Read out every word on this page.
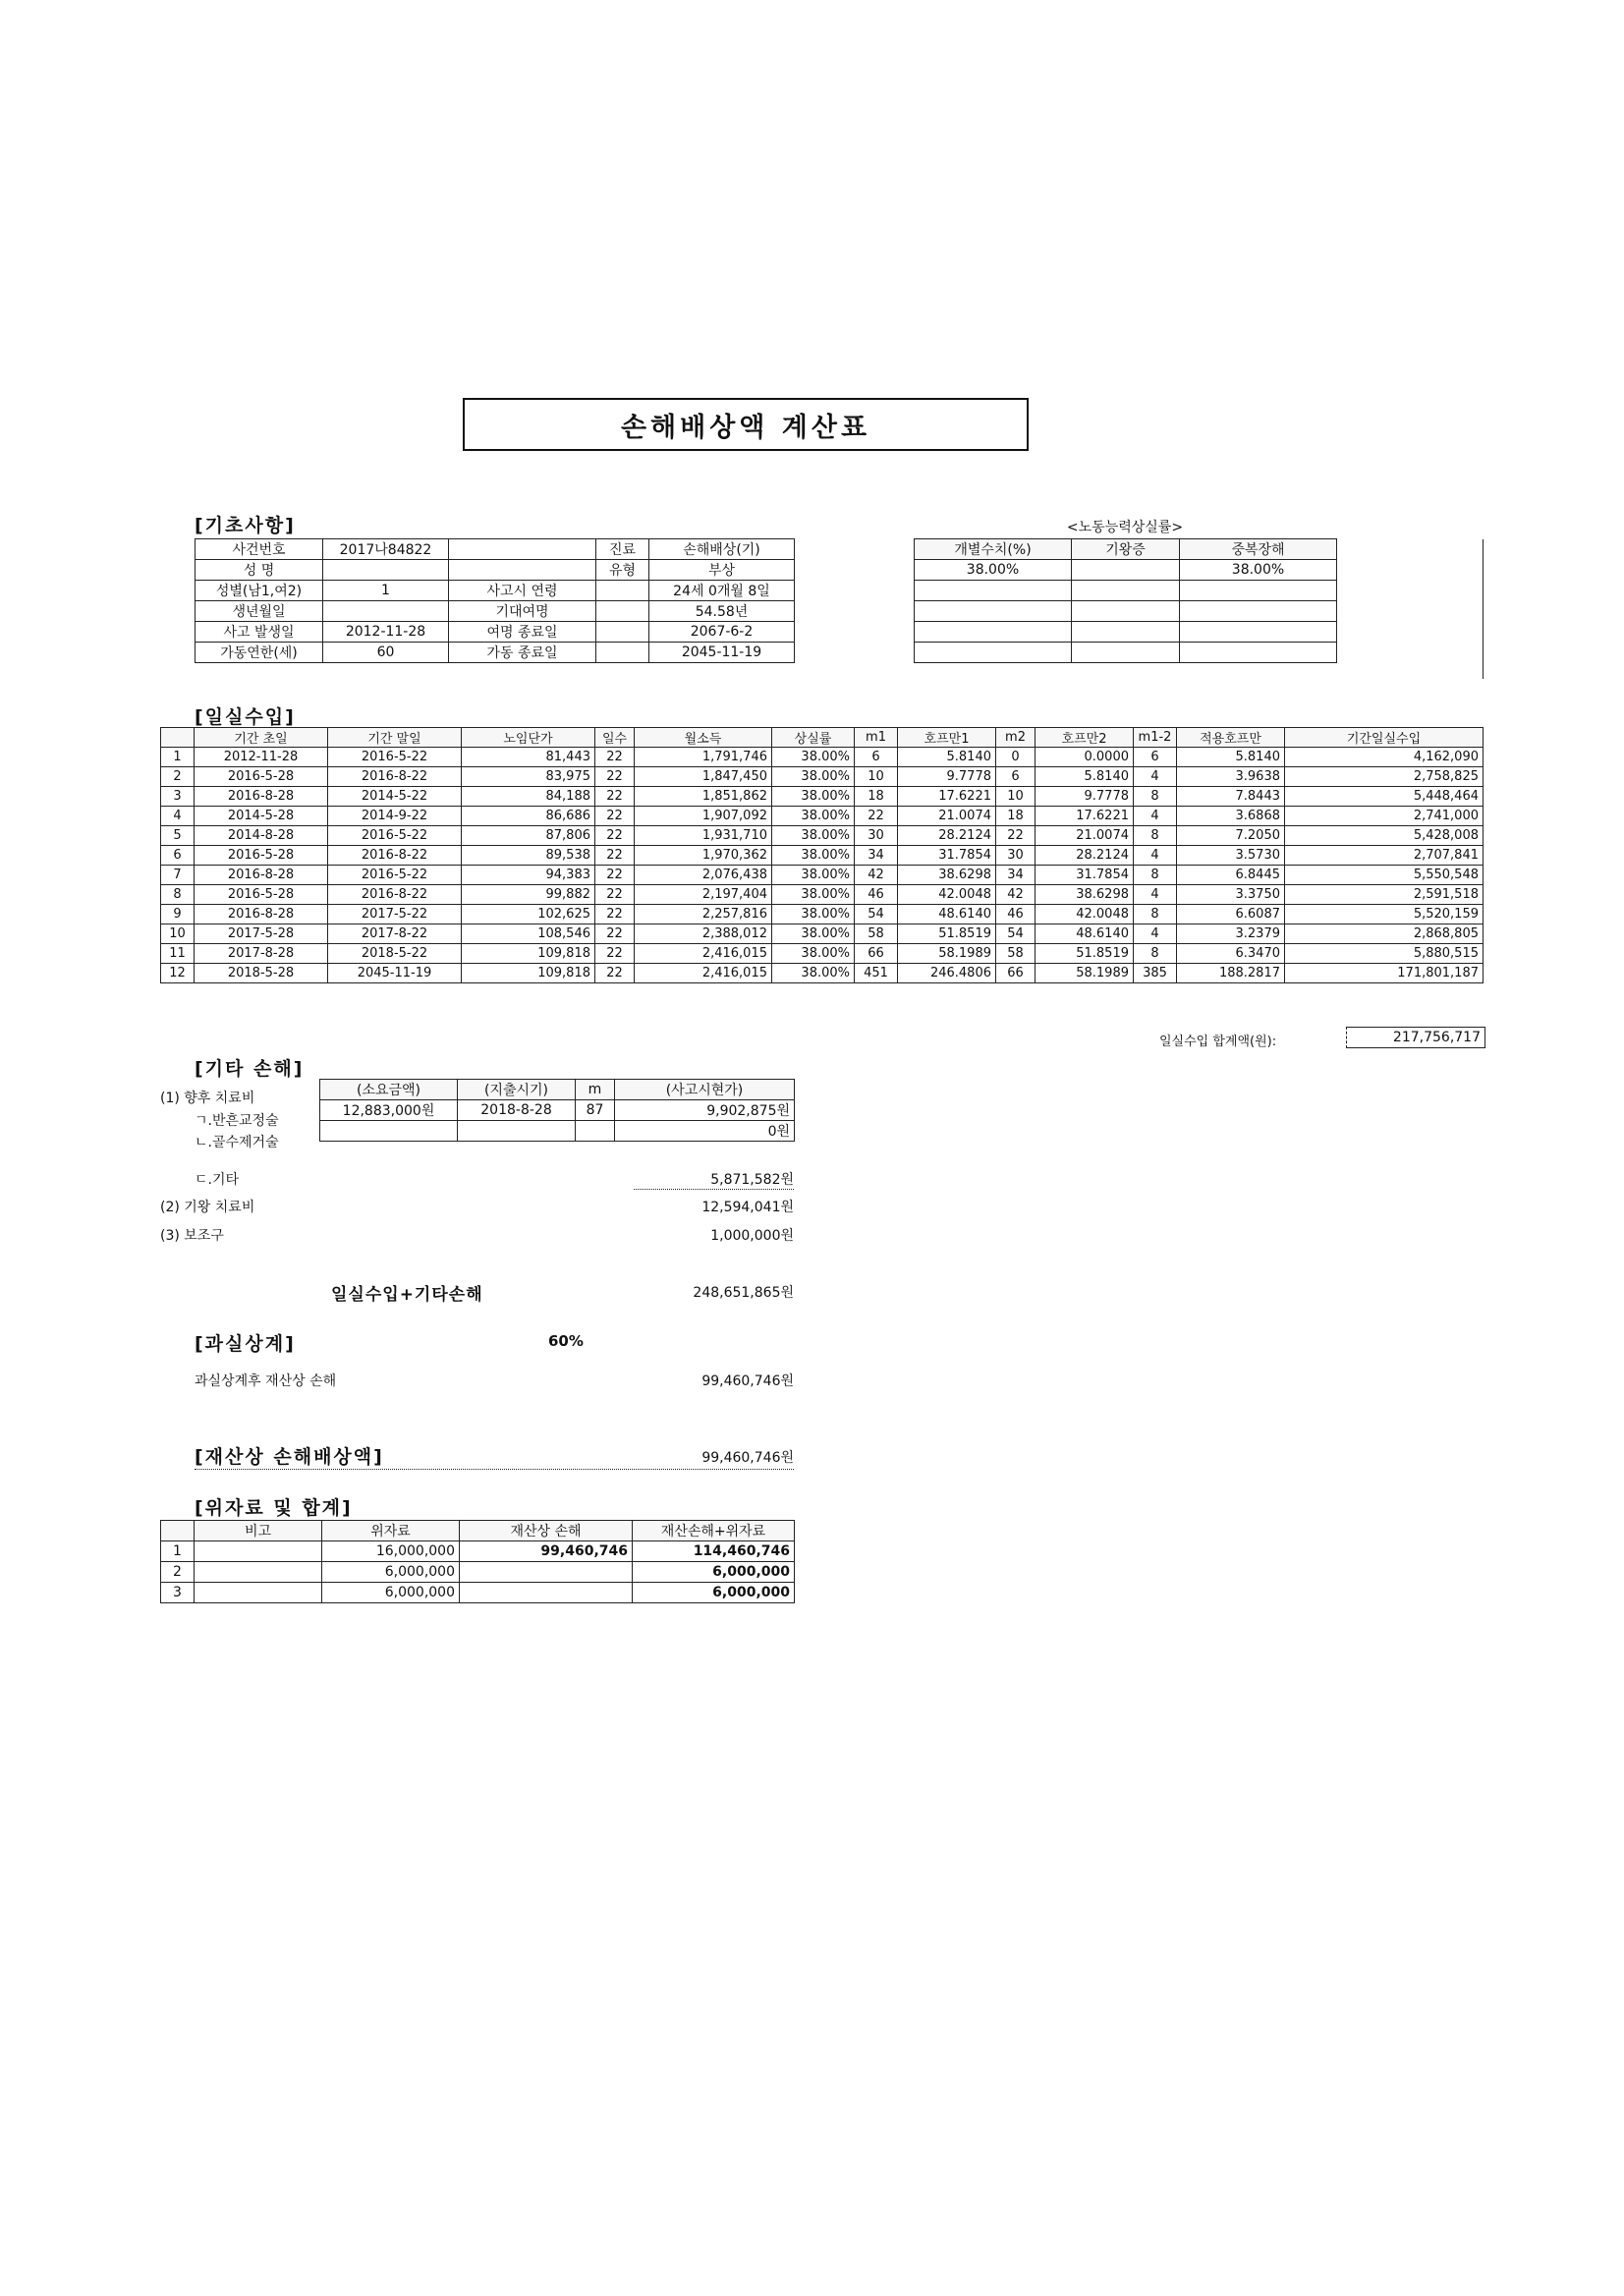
손해배상액 계산표
[기초사항]
사건번호	2017나84822		진료	손해배상(기)
성 명			유형	부상
성별(남1,여2)	1	사고시 연령		24세 0개월 8일
생년월일		기대여명		54.58년
사고 발생일	2012-11-28	여명 종료일		2067-6-2
가동연한(세)	60	가동 종료일		2045-11-19
<노동능력상실률>
개별수치(%)	기왕증	중복장해
38.00%		38.00%

[일실수입]
	기간 초일	기간 말일	노임단가	일수	월소득	상실률	m1	호프만1	m2	호프만2	m1-2	적용호프만	기간일실수입
1	2012-11-28	2016-5-22	81,443	22	1,791,746	38.00%	6	5.8140	0	0.0000	6	5.8140	4,162,090
2	2016-5-28	2016-8-22	83,975	22	1,847,450	38.00%	10	9.7778	6	5.8140	4	3.9638	2,758,825
3	2016-8-28	2014-5-22	84,188	22	1,851,862	38.00%	18	17.6221	10	9.7778	8	7.8443	5,448,464
4	2014-5-28	2014-9-22	86,686	22	1,907,092	38.00%	22	21.0074	18	17.6221	4	3.6868	2,741,000
5	2014-8-28	2016-5-22	87,806	22	1,931,710	38.00%	30	28.2124	22	21.0074	8	7.2050	5,428,008
6	2016-5-28	2016-8-22	89,538	22	1,970,362	38.00%	34	31.7854	30	28.2124	4	3.5730	2,707,841
7	2016-8-28	2016-5-22	94,383	22	2,076,438	38.00%	42	38.6298	34	31.7854	8	6.8445	5,550,548
8	2016-5-28	2016-8-22	99,882	22	2,197,404	38.00%	46	42.0048	42	38.6298	4	3.3750	2,591,518
9	2016-8-28	2017-5-22	102,625	22	2,257,816	38.00%	54	48.6140	46	42.0048	8	6.6087	5,520,159
10	2017-5-28	2017-8-22	108,546	22	2,388,012	38.00%	58	51.8519	54	48.6140	4	3.2379	2,868,805
11	2017-8-28	2018-5-22	109,818	22	2,416,015	38.00%	66	58.1989	58	51.8519	8	6.3470	5,880,515
12	2018-5-28	2045-11-19	109,818	22	2,416,015	38.00%	451	246.4806	66	58.1989	385	188.2817	171,801,187
일실수입 합계액(원):	217,756,717
[기타 손해]
(1) 향후 치료비	(소요금액)	(지출시기)	m	(사고시현가)
12,883,000원	2018-8-28	87	9,902,875원
			0원
ㄱ.반흔교정술
ㄴ.골수제거술
ㄷ.기타	5,871,582원
(2) 기왕 치료비	12,594,041원
(3) 보조구	1,000,000원
일실수입+기타손해	248,651,865원
[과실상계]	60%
과실상계후 재산상 손해	99,460,746원
[재산상 손해배상액]	99,460,746원
[위자료 및 합계]
	비고	위자료	재산상 손해	재산손해+위자료
1		16,000,000	99,460,746	114,460,746
2		6,000,000		6,000,000
3		6,000,000		6,000,000
